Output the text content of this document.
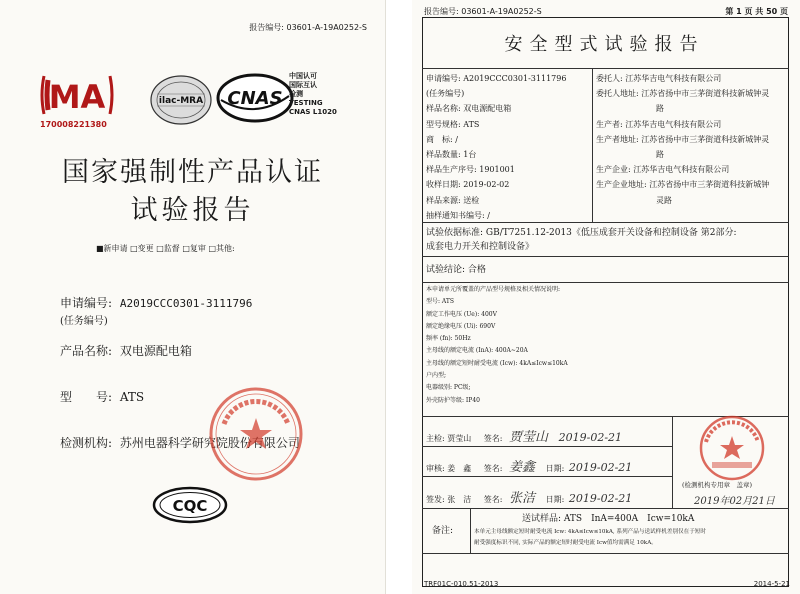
报告编号: 03601-A-19A0252-S
MA
170008221380
ilac-MRA CNAS
中国认可
国际互认
检测
TESTING
CNAS L1020
国家强制性产品认证
试验报告
■新申请 □变更 □监督 □复审 □其他:
申请编号: A2019CCC0301-3111796
(任务编号)
产品名称: 双电源配电箱
型　　号: ATS
检测机构: 苏州电器科学研究院股份有限公司
CQC
报告编号: 03601-A-19A0252-S	第 1 页 共 50 页
安全型式试验报告
申请编号: A2019CCC0301-3111796
(任务编号)
样品名称: 双电源配电箱
型号规格: ATS
商　标: /
样品数量: 1台
样品生产序号: 1901001
收样日期: 2019-02-02
样品来源: 送检
抽样通知书编号: /
委托人: 江苏华吉电气科技有限公司
委托人地址: 江苏省扬中市三茅街道科技新城钟灵
路
生产者: 江苏华吉电气科技有限公司
生产者地址: 江苏省扬中市三茅街道科技新城钟灵
路
生产企业: 江苏华吉电气科技有限公司
生产企业地址: 江苏省扬中市三茅街道科技新城钟
灵路
试验依据标准: GB/T7251.12-2013《低压成套开关设备和控制设备 第2部分:
成套电力开关和控制设备》
试验结论: 合格
本申请单元所覆盖的产品型号规格及相关情况说明:
型号: ATS
额定工作电压 (Ue): 400V
额定绝缘电压 (Ui): 690V
频率 (fn): 50Hz
主母线的额定电流 (InA): 400A~20A
主母线的额定短时耐受电流 (Icw): 4kA≤Icw≤10kA
户内型;
电器级别: PC级;
外壳防护等级: IP40
主检: 贾莹山 签名: 贾莹山 2019-02-21
审核: 姜　鑫 签名: 姜鑫 日期: 2019-02-21
签发: 张　洁 签名: 张洁 日期: 2019-02-21
(检测机构专用章　盖章)
2019年02月21日
备注:
送试样品: ATS　InA=400A　Icw=10kA
本单元主母线额定短时耐受电流 Icw: 4kA≤Icw≤10kA, 系列产品与送试样机差别仅在于短时
耐受强度标识不同, 实际产品的额定短时耐受电流 Icw值均需满足 10kA。
TRF01C-010.51-2013	2014-5-21
